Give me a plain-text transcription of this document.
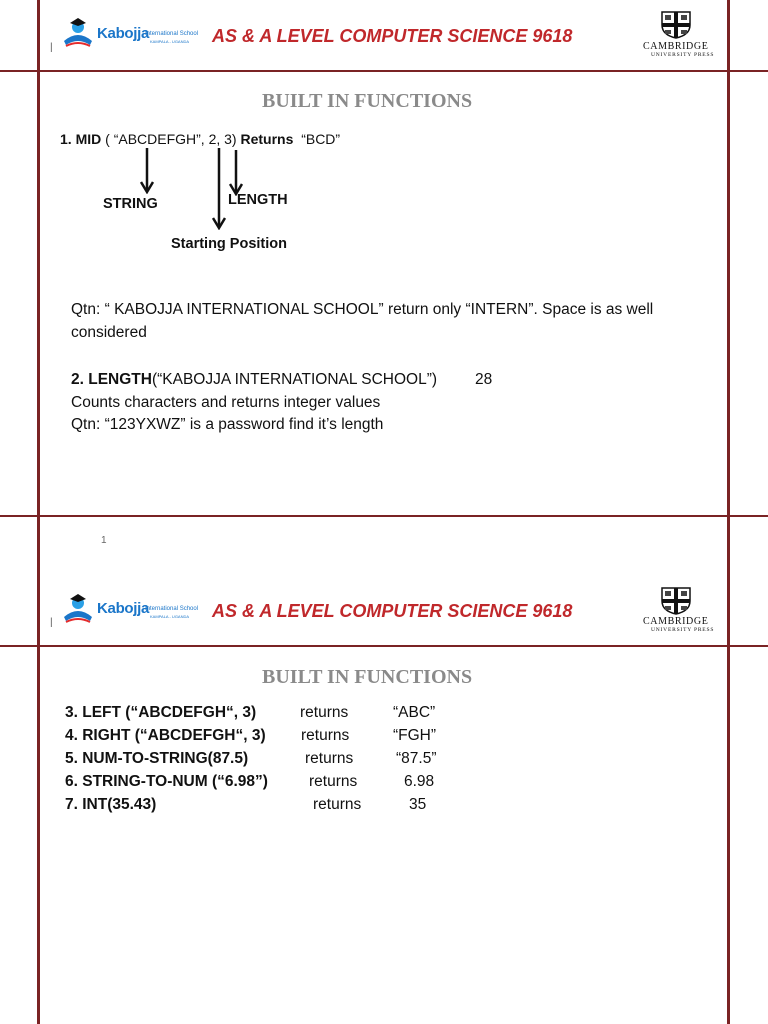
|
Kabojja
International School
KAMPALA - UGANDA AS & A LEVEL COMPUTER SCIENCE 9618
CAMBRIDGE
UNIVERSITY PRESS
BUILT IN FUNCTIONS
1. MID ( “ABCDEFGH”, 2, 3) Returns “BCD”
STRING	LENGTH
Starting Position
Qtn: “ KABOJJA INTERNATIONAL SCHOOL” return only “INTERN”. Space is as well
considered
2. LENGTH(“KABOJJA INTERNATIONAL SCHOOL”) 28
Counts characters and returns integer values
Qtn: “123YXWZ” is a password find it’s length
1
|
Kabojja
International School
KAMPALA - UGANDA AS & A LEVEL COMPUTER SCIENCE 9618
CAMBRIDGE
UNIVERSITY PRESS
BUILT IN FUNCTIONS
3. LEFT (“ABCDEFGH“, 3)	returns	“ABC”
4. RIGHT (“ABCDEFGH“, 3) returns	“FGH”
5. NUM-TO-STRING(87.5)	returns	“87.5”
6. STRING-TO-NUM (“6.98”)	returns	6.98
7. INT(35.43)	returns	35
